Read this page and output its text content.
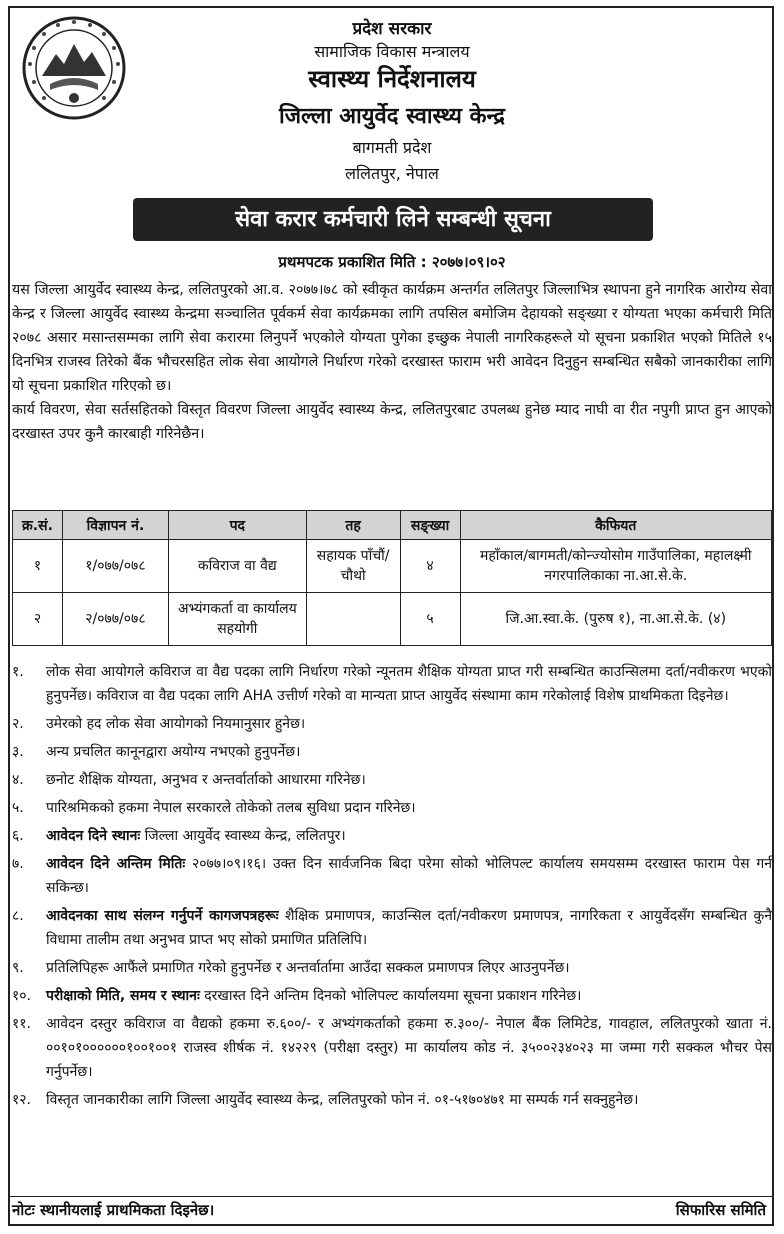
प्रदेश सरकार
सामाजिक विकास मन्त्रालय
स्वास्थ्य निर्देशनालय
जिल्ला आयुर्वेद स्वास्थ्य केन्द्र
बागमती प्रदेश
ललितपुर, नेपाल
सेवा करार कर्मचारी लिने सम्बन्धी सूचना
प्रथमपटक प्रकाशित मिति : २०७७।०९।०२

यस जिल्ला आयुर्वेद स्वास्थ्य केन्द्र, ललितपुरको आ.व. २०७७।७८ को स्वीकृत कार्यक्रम अन्तर्गत ललितपुर जिल्लाभित्र स्थापना हुने नागरिक आरोग्य सेवा केन्द्र र जिल्ला आयुर्वेद स्वास्थ्य केन्द्रमा सञ्चालित पूर्वकर्म सेवा कार्यक्रमका लागि तपसिल बमोजिम देहायको सङ्ख्या र योग्यता भएका कर्मचारी मिति २०७८ असार मसान्तसम्मका लागि सेवा करारमा लिनुपर्ने भएकोले योग्यता पुगेका इच्छुक नेपाली नागरिकहरूले यो सूचना प्रकाशित भएको मितिले १५ दिनभित्र राजस्व तिरेको बैंक भौचरसहित लोक सेवा आयोगले निर्धारण गरेको दरखास्त फाराम भरी आवेदन दिनुहुन सम्बन्धित सबैको जानकारीका लागि यो सूचना प्रकाशित गरिएको छ।

कार्य विवरण, सेवा सर्तसहितको विस्तृत विवरण जिल्ला आयुर्वेद स्वास्थ्य केन्द्र, ललितपुरबाट उपलब्ध हुनेछ म्याद नाघी वा रीत नपुगी प्राप्त हुन आएको दरखास्त उपर कुनै कारबाही गरिनेछैन।

क्र.सं.	विज्ञापन नं.	पद	तह	सङ्ख्या	कैफियत
१	१/०७७/०७८	कविराज वा वैद्य	सहायक पाँचौं/चौथो	४	महाँकाल/बागमती/कोन्ज्योसोम गाउँपालिका, महालक्ष्मी नगरपालिकाका ना.आ.से.के.
२	२/०७७/०७८	अभ्यंगकर्ता वा कार्यालय सहयोगी		५	जि.आ.स्वा.के. (पुरुष १), ना.आ.से.के. (४)
१.	लोक सेवा आयोगले कविराज वा वैद्य पदका लागि निर्धारण गरेको न्यूनतम शैक्षिक योग्यता प्राप्त गरी सम्बन्धित काउन्सिलमा दर्ता/नवीकरण भएको हुनुपर्नेछ। कविराज वा वैद्य पदका लागि AHA उत्तीर्ण गरेको वा मान्यता प्राप्त आयुर्वेद संस्थामा काम गरेकोलाई विशेष प्राथमिकता दिइनेछ।
२.	उमेरको हद लोक सेवा आयोगको नियमानुसार हुनेछ।
३.	अन्य प्रचलित कानूनद्वारा अयोग्य नभएको हुनुपर्नेछ।
४.	छनोट शैक्षिक योग्यता, अनुभव र अन्तर्वार्ताको आधारमा गरिनेछ।
५.	पारिश्रमिकको हकमा नेपाल सरकारले तोकेको तलब सुविधा प्रदान गरिनेछ।
६.	आवेदन दिने स्थानः जिल्ला आयुर्वेद स्वास्थ्य केन्द्र, ललितपुर।
७.	आवेदन दिने अन्तिम मितिः २०७७।०९।१६। उक्त दिन सार्वजनिक बिदा परेमा सोको भोलिपल्ट कार्यालय समयसम्म दरखास्त फाराम पेस गर्न सकिन्छ।
८.	आवेदनका साथ संलग्न गर्नुपर्ने कागजपत्रहरूः शैक्षिक प्रमाणपत्र, काउन्सिल दर्ता/नवीकरण प्रमाणपत्र, नागरिकता र आयुर्वेदसँग सम्बन्धित कुनै विधामा तालीम तथा अनुभव प्राप्त भए सोको प्रमाणित प्रतिलिपि।
९.	प्रतिलिपिहरू आफैंले प्रमाणित गरेको हुनुपर्नेछ र अन्तर्वार्तामा आउँदा सक्कल प्रमाणपत्र लिएर आउनुपर्नेछ।
१०.	परीक्षाको मिति, समय र स्थानः दरखास्त दिने अन्तिम दिनको भोलिपल्ट कार्यालयमा सूचना प्रकाशन गरिनेछ।
११.	आवेदन दस्तुर कविराज वा वैद्यको हकमा रु.६००/- र अभ्यंगकर्ताको हकमा रु.३००/- नेपाल बैंक लिमिटेड, गावहाल, ललितपुरको खाता नं. ००१०१००००००१००१००१ राजस्व शीर्षक नं. १४२२९ (परीक्षा दस्तुर) मा कार्यालय कोड नं. ३५००२३४०२३ मा जम्मा गरी सक्कल भौचर पेस गर्नुपर्नेछ।
१२.	विस्तृत जानकारीका लागि जिल्ला आयुर्वेद स्वास्थ्य केन्द्र, ललितपुरको फोन नं. ०१-५१७०४७१ मा सम्पर्क गर्न सक्नुहुनेछ।
नोटः स्थानीयलाई प्राथमिकता दिइनेछ।	सिफारिस समिति
